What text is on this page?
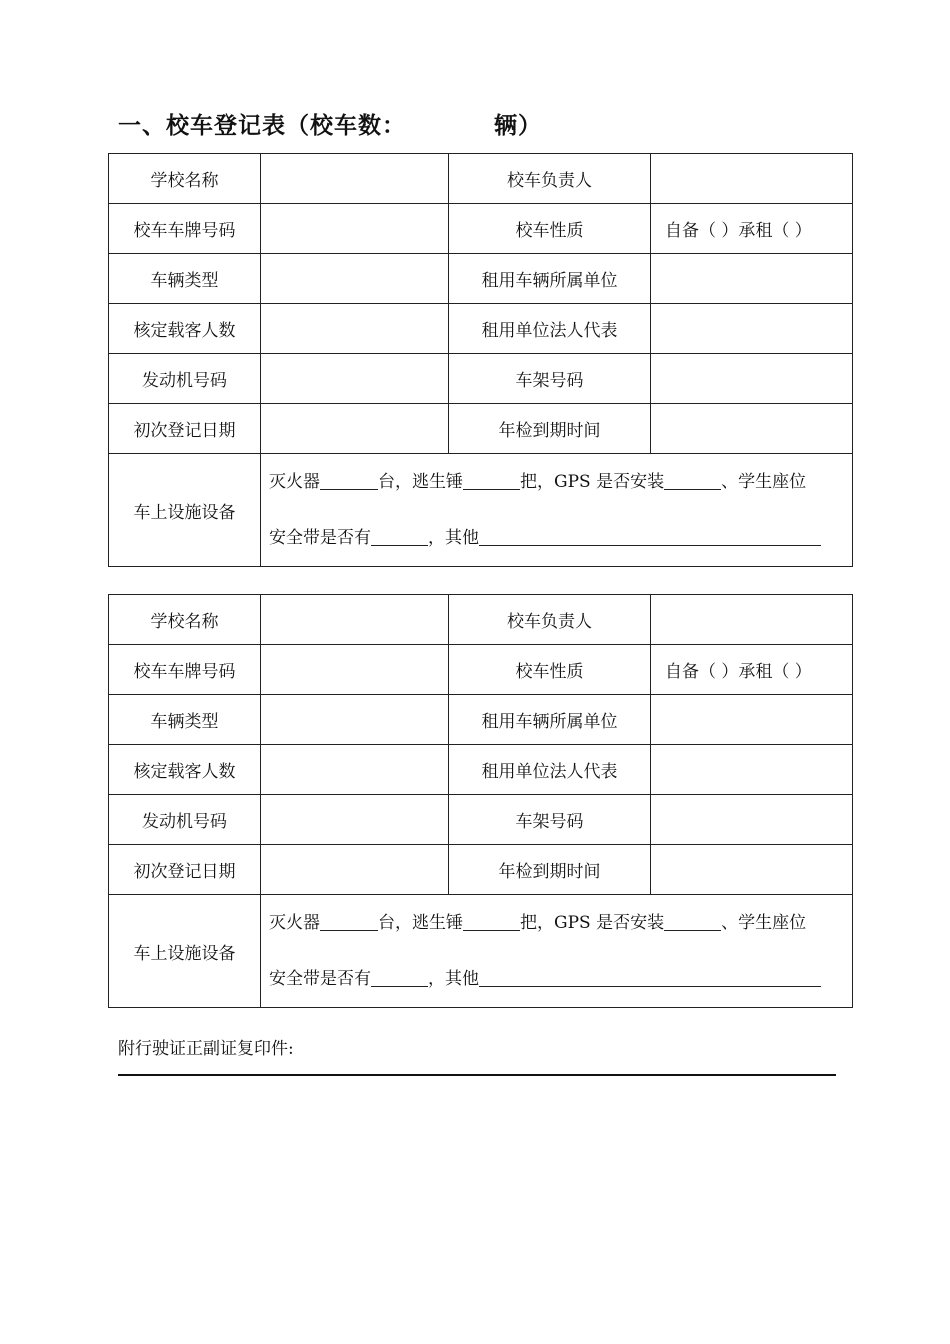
一、校车登记表（校车数：	辆）
学校名称		校车负责人	
校车车牌号码		校车性质	自备（ ）承租（ ）
车辆类型		租用车辆所属单位	
核定载客人数		租用单位法人代表	
发动机号码		车架号码	
初次登记日期		年检到期时间	
车上设施设备	灭火器 台，逃生锤 把，GPS 是否安装 、学生座位
安全带是否有 ，其他		
学校名称		校车负责人	
校车车牌号码		校车性质	自备（ ）承租（ ）
车辆类型		租用车辆所属单位	
核定载客人数		租用单位法人代表	
发动机号码		车架号码	
初次登记日期		年检到期时间	
车上设施设备	灭火器 台，逃生锤 把，GPS 是否安装 、学生座位
安全带是否有 ，其他		
附行驶证正副证复印件:
